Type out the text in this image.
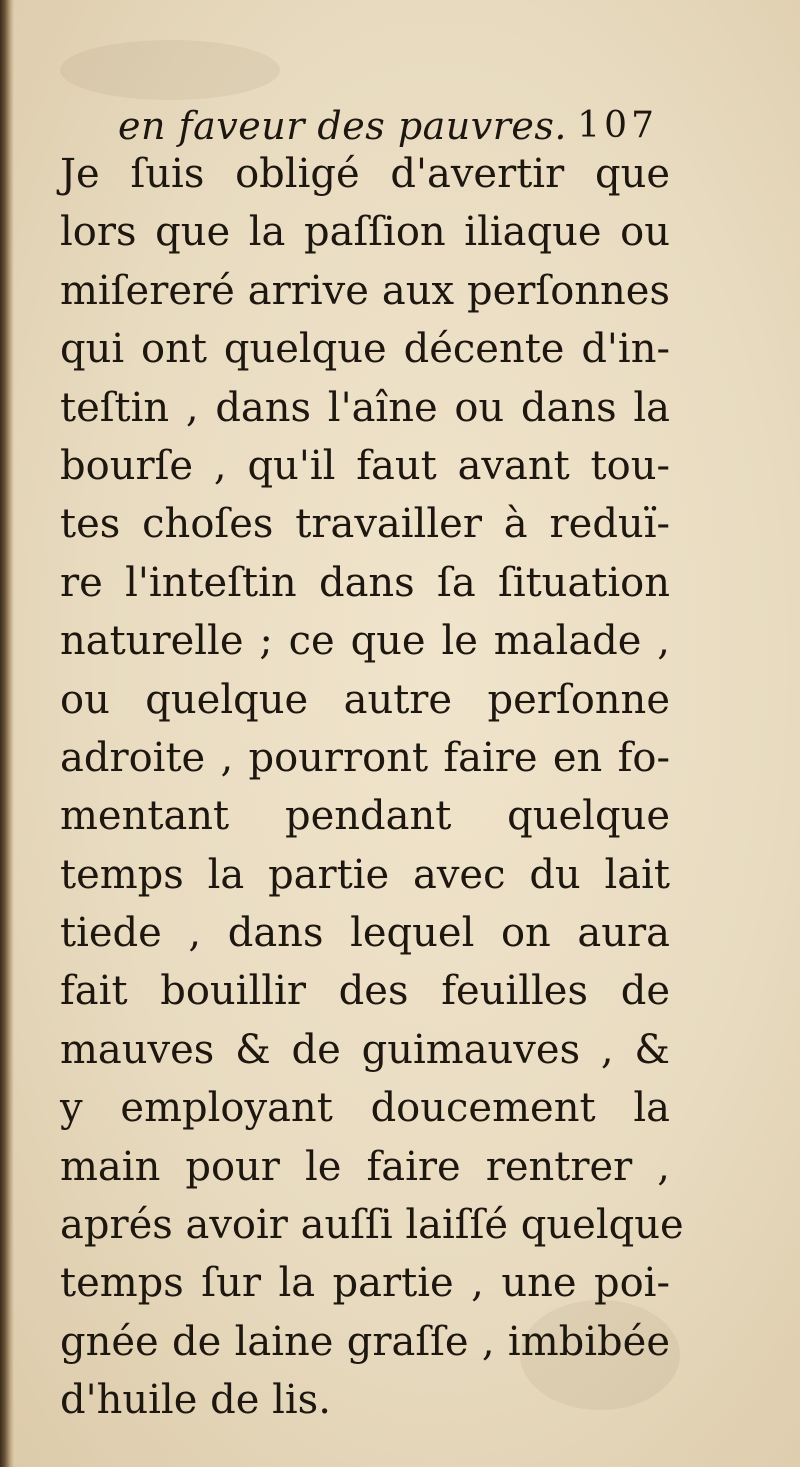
en faveur des pauvres. 107
Je ſuis obligé d'avertir que
lors que la paſſion iliaque ou
miſereré arrive aux perſonnes
qui ont quelque décente d'in-
teſtin , dans l'aîne ou dans la
bourſe , qu'il faut avant tou-
tes choſes travailler à reduï-
re l'inteſtin dans ſa ſituation
naturelle ; ce que le malade ,
ou quelque autre perſonne
adroite , pourront faire en fo-
mentant pendant quelque
temps la partie avec du lait
tiede , dans lequel on aura
fait bouillir des feuilles de
mauves & de guimauves , &
y employant doucement la
main pour le faire rentrer ,
aprés avoir auſſi laiſſé quelque
temps ſur la partie , une poi-
gnée de laine graſſe , imbibée
d'huile de lis.
